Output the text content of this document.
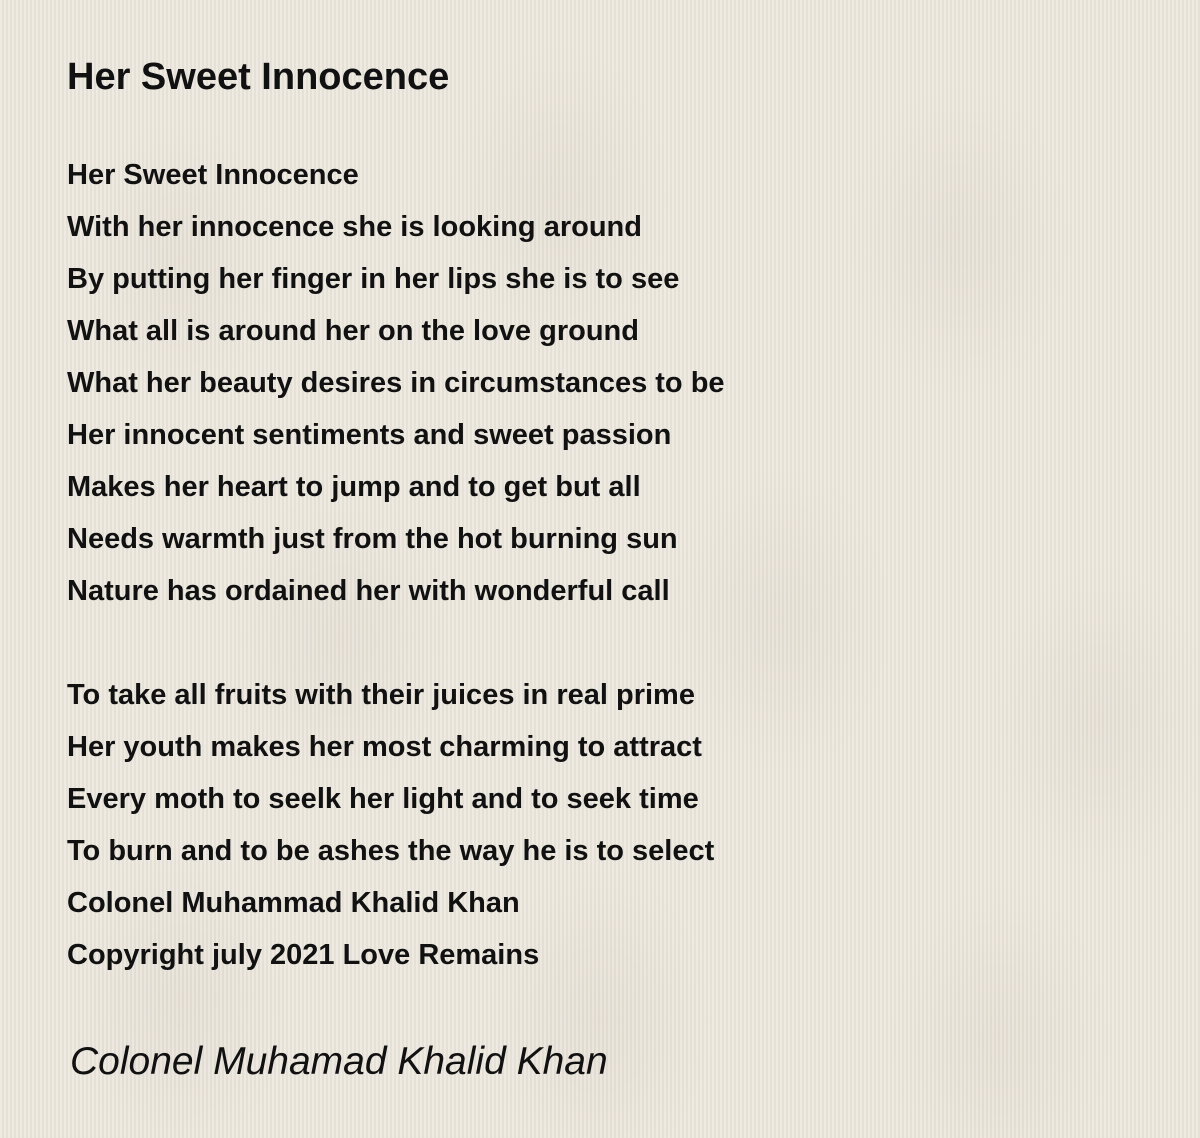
Her Sweet Innocence
Her Sweet Innocence
With her innocence she is looking around
By putting her finger in her lips she is to see
What all is around her on the love ground
What her beauty desires in circumstances to be
Her innocent sentiments and sweet passion
Makes her heart to jump and to get but all
Needs warmth just from the hot burning sun
Nature has ordained her with wonderful call
To take all fruits with their juices in real prime
Her youth makes her most charming to attract
Every moth to seelk her light and to seek time
To burn and to be ashes the way he is to select
Colonel Muhammad Khalid Khan
Copyright july 2021 Love Remains
Colonel Muhamad Khalid Khan
